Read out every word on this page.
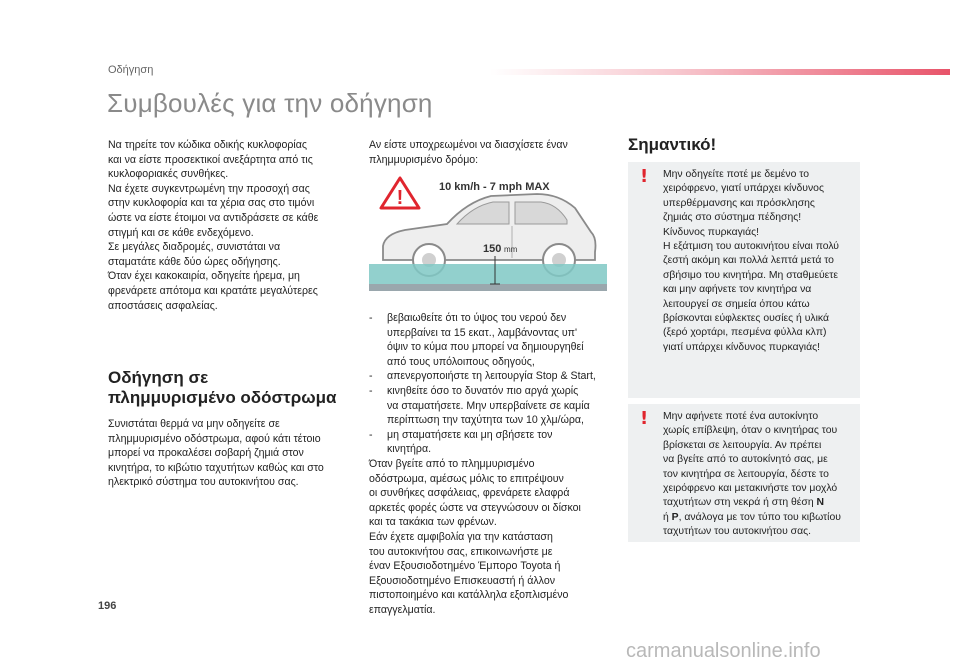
Οδήγηση
Συμβουλές για την οδήγηση
Να τηρείτε τον κώδικα οδικής κυκλοφορίας
και να είστε προσεκτικοί ανεξάρτητα από τις
κυκλοφοριακές συνθήκες.
Να έχετε συγκεντρωμένη την προσοχή σας
στην κυκλοφορία και τα χέρια σας στο τιμόνι
ώστε να είστε έτοιμοι να αντιδράσετε σε κάθε
στιγμή και σε κάθε ενδεχόμενο.
Σε μεγάλες διαδρομές, συνιστάται να
σταματάτε κάθε δύο ώρες οδήγησης.
Όταν έχει κακοκαιρία, οδηγείτε ήρεμα, μη
φρενάρετε απότομα και κρατάτε μεγαλύτερες
αποστάσεις ασφαλείας.
Οδήγηση σε
πλημμυρισμένο οδόστρωμα
Συνιστάται θερμά να μην οδηγείτε σε
πλημμυρισμένο οδόστρωμα, αφού κάτι τέτοιο
μπορεί να προκαλέσει σοβαρή ζημιά στον
κινητήρα, το κιβώτιο ταχυτήτων καθώς και στο
ηλεκτρικό σύστημα του αυτοκινήτου σας.
Αν είστε υποχρεωμένοι να διασχίσετε έναν
πλημμυρισμένο δρόμο:
!	10 km/h - 7 mph MAX
150 mm
- βεβαιωθείτε ότι το ύψος του νερού δεν
υπερβαίνει τα 15 εκατ., λαμβάνοντας υπ'
όψιν το κύμα που μπορεί να δημιουργηθεί
από τους υπόλοιπους οδηγούς,
- απενεργοποιήστε τη λειτουργία Stop & Start,
- κινηθείτε όσο το δυνατόν πιο αργά χωρίς
να σταματήσετε. Μην υπερβαίνετε σε καμία
περίπτωση την ταχύτητα των 10 χλμ/ώρα,
- μη σταματήσετε και μη σβήσετε τον
κινητήρα.
Όταν βγείτε από το πλημμυρισμένο
οδόστρωμα, αμέσως μόλις το επιτρέψουν
οι συνθήκες ασφάλειας, φρενάρετε ελαφρά
αρκετές φορές ώστε να στεγνώσουν οι δίσκοι
και τα τακάκια των φρένων.
Εάν έχετε αμφιβολία για την κατάσταση
του αυτοκινήτου σας, επικοινωνήστε με
έναν Εξουσιοδοτημένο Έμπορο Toyota ή
Εξουσιοδοτημένο Επισκευαστή ή άλλον
πιστοποιημένο και κατάλληλα εξοπλισμένο
επαγγελματία.
Σημαντικό!
! Μην οδηγείτε ποτέ με δεμένο το
χειρόφρενο, γιατί υπάρχει κίνδυνος
υπερθέρμανσης και πρόσκλησης
ζημιάς στο σύστημα πέδησης!
Κίνδυνος πυρκαγιάς!
Η εξάτμιση του αυτοκινήτου είναι πολύ
ζεστή ακόμη και πολλά λεπτά μετά το
σβήσιμο του κινητήρα. Μη σταθμεύετε
και μην αφήνετε τον κινητήρα να
λειτουργεί σε σημεία όπου κάτω
βρίσκονται εύφλεκτες ουσίες ή υλικά
(ξερό χορτάρι, πεσμένα φύλλα κλπ)
γιατί υπάρχει κίνδυνος πυρκαγιάς!
! Μην αφήνετε ποτέ ένα αυτοκίνητο
χωρίς επίβλεψη, όταν ο κινητήρας του
βρίσκεται σε λειτουργία. Αν πρέπει
να βγείτε από το αυτοκίνητό σας, με
τον κινητήρα σε λειτουργία, δέστε το
χειρόφρενο και μετακινήστε τον μοχλό
ταχυτήτων στη νεκρά ή στη θέση N
ή P, ανάλογα με τον τύπο του κιβωτίου
ταχυτήτων του αυτοκινήτου σας.
196
carmanualsonline.info
